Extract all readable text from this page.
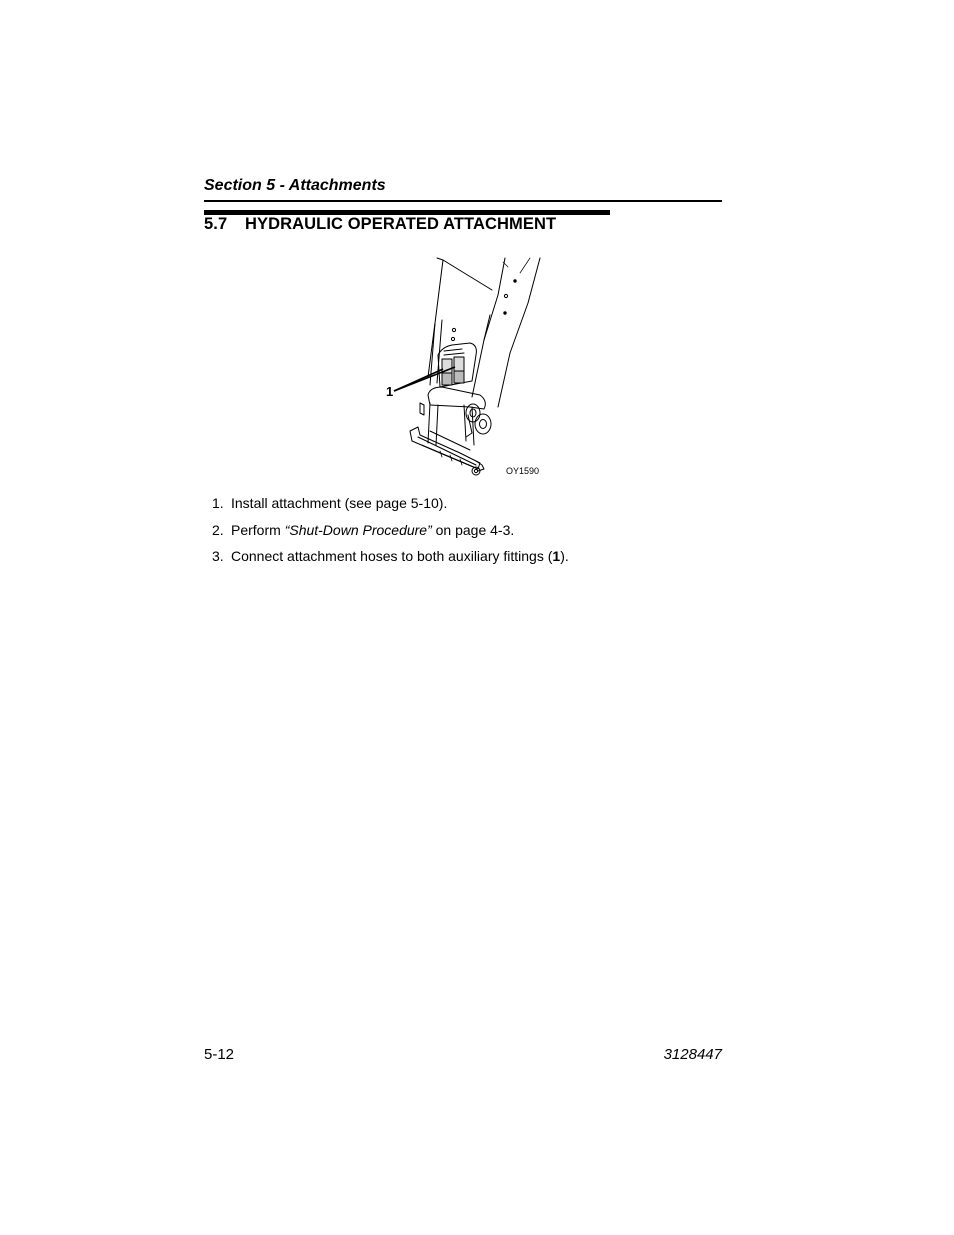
Section 5 - Attachments
5.7 HYDRAULIC OPERATED ATTACHMENT
1
OY1590
1. Install attachment (see page 5-10).
2. Perform “Shut-Down Procedure” on page 4-3.
3. Connect attachment hoses to both auxiliary fittings (1).
5-12	3128447
